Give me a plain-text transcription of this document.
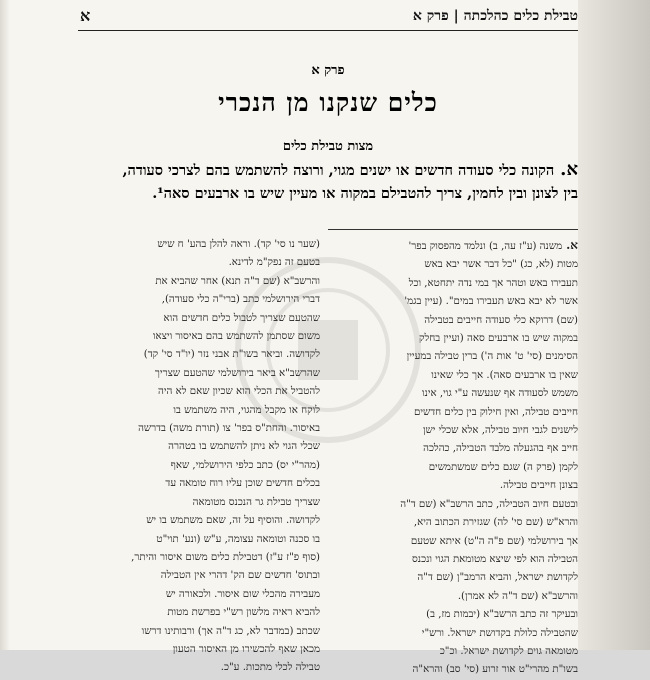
טבילת כלים כהלכתה | פרק א
א
פרק א
כלים שנקנו מן הנכרי
מצות טבילת כלים
א.הקונה כלי סעודה חדשים או ישנים מגוי, ורוצה להשתמש בהם לצרכי סעודה,
בין לצונן ובין לחמין, צריך להטבילם במקוה או מעיין שיש בו ארבעים סאה¹.
א.משנה (ע"ז עה, ב) ונלמד מהפסוק בפר'
מטות (לא, כג) "כל דבר אשר יבא באש
תעבירו באש וטהר אך במי נדה יתחטא, וכל
אשר לא יבא באש תעבירו במים". (עיין בגמ'
(שם) דרוקא כלי סעודה חייבים בטבילה
במקוה שיש בו ארבעים סאה (ועיין בחלק
הסימנים (סי' ט' אות ה') ברין טבילה במעיין
שאין בו ארבעים סאה). אך כלי שאינו
משמש לסעודה אף שנעשה ע"י גוי, אינו
חייבים טבילה, ואין חילוק בין כלים חדשים
לישנים לגבי חיוב טבילה, אלא שכלי ישן
חייב אף בהגעלה מלבד הטבילה, כהלכה
לקמן (פרק ה) שגם כלים שמשתמשים
בצונן חייבים טבילה.
ובטעם חיוב הטבילה, כתב הרשב"א (שם ד"ה
והרא"ש (שם סי' לה) שגזירת הכתוב היא,
אך בירושלמי (שם פ"ה ה"ט) איתא שטעם
הטבילה הוא לפי שיצא מטומאת הגוי ונכנס
לקדושת ישראל, והביא הרמב"ן (שם ד"ה
והרשב"א (שם ד"ה לא אמרן).
ובעיקר זה כתב הרשב"א (יבמות מז, ב)
שהטבילה כלולת בקדושת ישראל. ורש"י
מטומאה גוים לקדושת ישראל. וכ"כ
בשו"ת מהרי"ט אור זרוע (סי' סב) והרא"ה
(שער נו סי' קד). וראה להלן בהע' ח שיש
בטעם זה נפק"מ לדינא.
והרשב"א (שם ד"ה תנא) אחר שהביא את
דברי הירושלמי כתב (ברי"ה כלי סעודה),
שהטעם שצריך לטבול כלים חדשים הוא
משום שסתמן להשתמש בהם באיסור ויצאו
לקדושה. וביאר בשו"ת אבני נזר (יו"ד סי' קד)
שהרשב"א ביאר בירושלמי שהטעם שצריך
להטביל את הכלי הוא שכיון שאם לא היה
לוקח או מקבל מהגוי, היה משתמש בו
באיסור. והחת"ס בפר' צו (תורת משה) בדרשה
שכלי הגוי לא ניתן להשתמש בו בטהרה
(מהר"י יס) כתב כלפי הירושלמי, שאף
בכלים חדשים שוכן עליו רוח טומאה עד
שצריך טבילת גר הנכנס מטומאה
לקדושה. והוסיף על זה, שאם משתמש בו יש
בו סכנה וטומאה עצומה, ע"ש (ונע' תוי"ט
(סוף פ"ז ע"ז) דטבילת כלים משום איסור והיתר,
ובתוס' חדשים שם הק' דהרי אין הטבילה
מעבירה מהכלי שום איסור. ולכאורה יש
להביא ראיה מלשון רש"י בפרשת מטות
שכתב (במדבר לא, כג ד"ה אך) ורבותינו דרשו
מכאן שאף להכשירו מן האיסור הטעון
טבילה לכלי מתכות. ע"כ.
